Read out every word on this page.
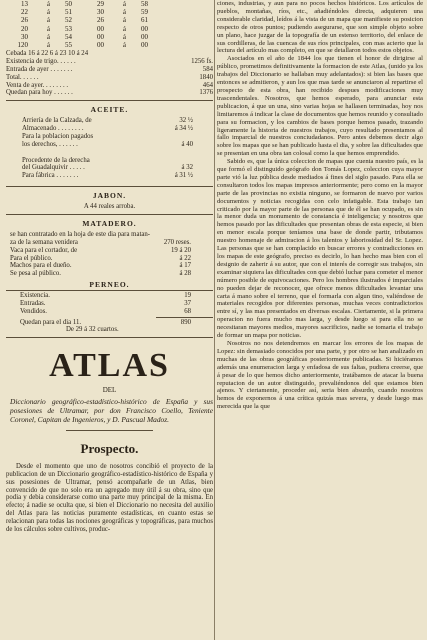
13	á	50	29	á	58
22	á	51	30	á	59
26	á	52	26	á	61
20	á	53	00	á	00
30	á	54	00	á	00
120	á	55	00	á	00
Cebada 16 á 22 6 á 23 10 á 24
Existencia de trigo. . . . . .	1256 fs.
Entrada de ayer . . . . . . .	584
Total. . . . . .	1840
Venta de ayer. . . . . . . .	464
Quedan para hoy . . . . . .	1376
ACEITE.
Arriería de la Calzada, de	32 ½
Almacenado . . . . . . . .	á 34 ½
Para la poblacion pagados
los derechos, . . . . . .	á 40

Procedente de la derecha
del Guadalquivir . . . . .	á 32
Para fábrica . . . . . . .	á 31 ½
JABON.
A 44 reales arroba.
MATADERO.
se han contratado en la hoja de este dia para matan-
za de la semana venidera	270 reses.
Vaca para el cortador, de	19 á 20
Para el público.	á 22
Machos para el dueño.	á 17
Se pesa al público.	á 28
PERNEO.
Existencia.	19
Entradas.	37
Vendidos.	68
Quedan para el dia 11.	890
De 29 á 32 cuartos.
ATLAS
DEL
Diccionario geográfico-estadístico-histórico de España y sus posesiones de Ultramar, por don Francisco Coello, Teniente Coronel, Capitan de Ingenieros, y D. Pascual Madoz.
Prospecto.
Desde el momento que uno de nosotros concibió el proyecto de la publicacion de un Diccionario geográfico-estadístico-histórico de España y sus posesiones de Ultramar, pensó acompañarle de un Atlas, bien convencido de que no solo era un agregado muy útil á su obra, sino que podia y debia considerarse como una parte muy principal de la misma. En efecto; á nadie se oculta que, si bien el Diccionario no necesita del auxilio del Atlas para las noticias puramente estadísticas, en cuanto estas se relacionan para todas las nociones geográficas y topográficas, para muchos de los cálculos sobre cultivos, produc-
ciones, industrias, y aun para no pocos hechos históricos. Los artículos de pueblos, montañas, ríos, etc., añadiéndoles directa, adquieren una considerable claridad, leídos á la vista de un mapa que manifieste su posicion respecto de otros puntos; pudiendo asegurarse, que son simple objeto sobre un plano, hace juzgar de la topografía de un estenso territorio, del enlace de sus cordilleras, de las cuencas de sus ríos principales, con mas acierto que la lectura del artículo mas completo, en que se detallaron todos estos objetos.
Asociados en el año de 1844 los que tienen el honor de dirigirse al público, prometimos definitivamente la formacion de este Atlas, (unido ya los trabajos del Diccionario se hallaban muy adelantados): si bien las bases que entonces se admitieron, y aun los que mas tarde se anunciaron al repartirse el prospecto de esta obra, han recibido despues modificaciones muy trascendentales. Nosotros, que hemos esperado, para anunciar esta publicacion, á que un una, sino varias hojas se hallasen terminadas, hoy nos limitaremos á indicar la clase de documentos que hemos reunido y consultado para su formacion, y los cambios de bases porque hemos pasado, trazando ligeramente la historia de nuestros trabajos, cuyo resultado presentamos al fallo imparcial de nuestros conciudadanos. Pero antes debemos decir algo sobre los mapas que se han publicado hasta el dia, y sobre las dificultades que se presentan en una obra tan colosal como la que hemos emprendido.
Sabido es, que la única coleccion de mapas que cuenta nuestro país, es la que formó el distinguido geógrafo don Tomás Lopez, coleccion cuya mayor parte vió la luz pública desde mediados á fines del siglo pasado. Para ella se consultaron todos los mapas impresos anteriormente; pero como en la mayor parte de las provincias no existia ninguno, se formaron de nuevo por varios documentos y noticias recogidas con celo infatigable. Esta trabajo tan criticado por la mayor parte de las personas que de él se han ocupado, es sin la menor duda un monumento de constancia é inteligencia; y nosotros que hemos pasado por las dificultades que presentan obras de esta especie, si bien en menor escala porque teníamos una base de donde partir, tributamos nuestro homenaje de admiracion á los talentos y laboriosidad del Sr. Lopez. Las personas que se han complacido en buscar errores y contradicciones en los mapas de este geógrafo, preciso es decirlo, lo han hecho mas bien con el designio de zaherir á su autor, que con el interés de corregir sus trabajos, sin examinar siquiera las dificultades con que debió luchar para cometer el menor número posible de equivocaciones. Pero los hombres ilustrados é imparciales no pueden dejar de reconocer, que ofrece menos dificultades levantar una carta á mano sobre el terreno, que el formarla con algun tino, valiéndose de materiales recogidos por diferentes personas, muchas veces contradictorios entre sí, y las mas presentados en diversas escalas. Ciertamente, si la primera operacion no fuera mucho mas larga, y desde luego si para ella no se necesitaran mayores medios, mayores sacrificios, nadie se tomaria el trabajo de formar un mapa por noticias.
Nosotros no nos detendremos en marcar los errores de los mapas de Lopez: sin demasiado conocidos por una parte, y por otro se han analizado en muchas de las obras geográficas posteriormente publicadas. Si hiciéramos además una enumeracion larga y enfadosa de sus faltas, pudiera creerse, que á pesar de lo que hemos dicho anteriormente, tratábamos de atacar la buena reputacion de un autor distinguido, prevaliéndonos del que estamos bien ajenos. Y ciertamente, proceder así, seria bien absurdo, cuando nosotros hemos de exponernos á una crítica quizás mas severa, y desde luego mas merecida que la que
